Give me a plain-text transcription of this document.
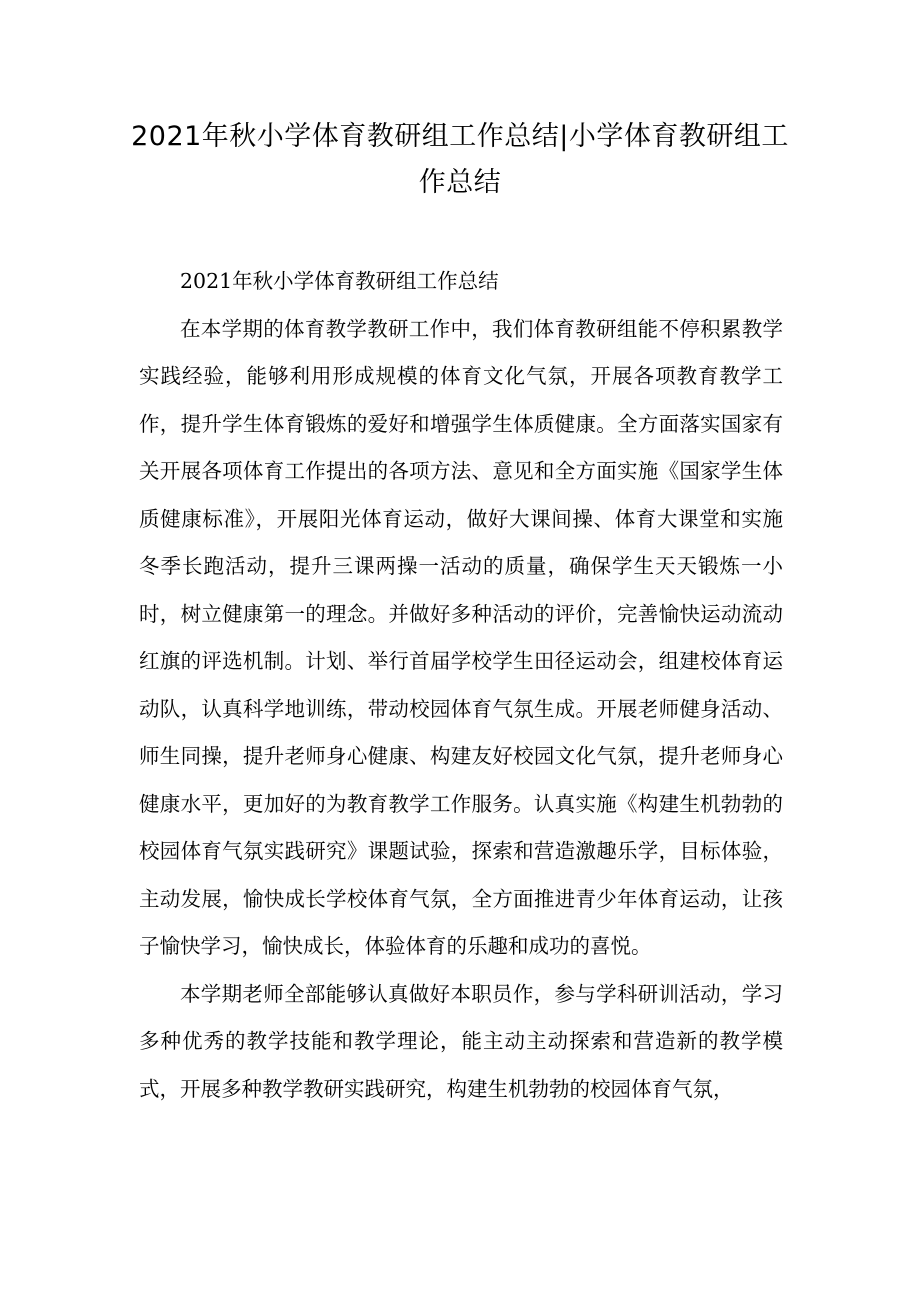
2021年秋小学体育教研组工作总结|小学体育教研组工作总结

2021年秋小学体育教研组工作总结

在本学期的体育教学教研工作中，我们体育教研组能不停积累教学实践经验，能够利用形成规模的体育文化气氛，开展各项教育教学工作，提升学生体育锻炼的爱好和增强学生体质健康。全方面落实国家有关开展各项体育工作提出的各项方法、意见和全方面实施《国家学生体质健康标准》，开展阳光体育运动，做好大课间操、体育大课堂和实施冬季长跑活动，提升三课两操一活动的质量，确保学生天天锻炼一小时，树立健康第一的理念。并做好多种活动的评价，完善愉快运动流动红旗的评选机制。计划、举行首届学校学生田径运动会，组建校体育运动队，认真科学地训练，带动校园体育气氛生成。开展老师健身活动、师生同操，提升老师身心健康、构建友好校园文化气氛，提升老师身心健康水平，更加好的为教育教学工作服务。认真实施《构建生机勃勃的校园体育气氛实践研究》课题试验，探索和营造激趣乐学，目标体验，主动发展，愉快成长学校体育气氛，全方面推进青少年体育运动，让孩子愉快学习，愉快成长，体验体育的乐趣和成功的喜悦。

本学期老师全部能够认真做好本职员作，参与学科研训活动，学习多种优秀的教学技能和教学理论，能主动主动探索和营造新的教学模式，开展多种教学教研实践研究，构建生机勃勃的校园体育气氛，
